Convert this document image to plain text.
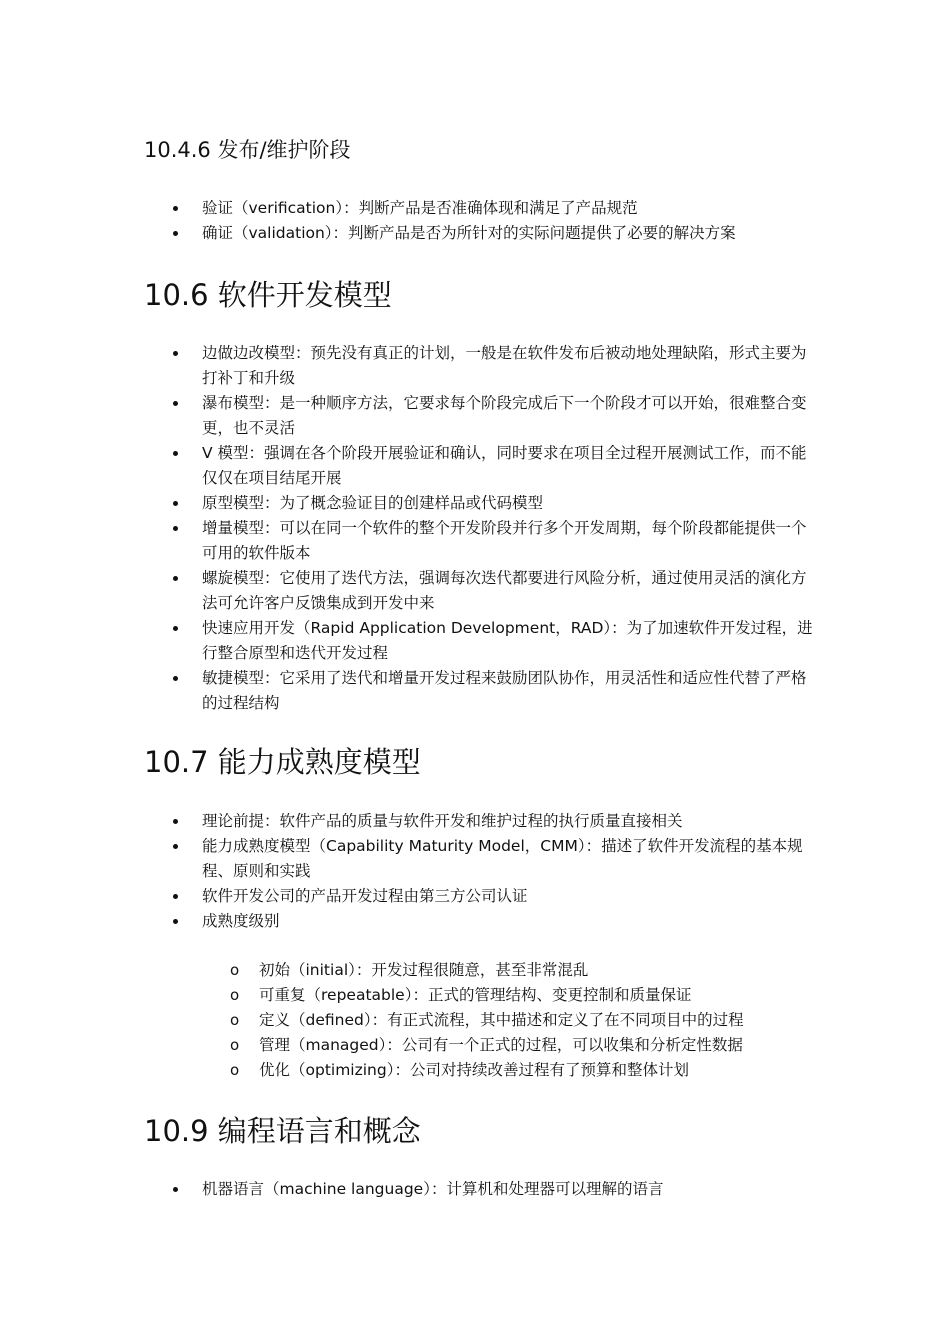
10.4.6 发布/维护阶段
验证（verification）：判断产品是否准确体现和满足了产品规范
确证（validation）：判断产品是否为所针对的实际问题提供了必要的解决方案
10.6 软件开发模型
边做边改模型：预先没有真正的计划，一般是在软件发布后被动地处理缺陷，形式主要为打补丁和升级
瀑布模型：是一种顺序方法，它要求每个阶段完成后下一个阶段才可以开始，很难整合变更，也不灵活
V 模型：强调在各个阶段开展验证和确认，同时要求在项目全过程开展测试工作，而不能仅仅在项目结尾开展
原型模型：为了概念验证目的创建样品或代码模型
增量模型：可以在同一个软件的整个开发阶段并行多个开发周期，每个阶段都能提供一个可用的软件版本
螺旋模型：它使用了迭代方法，强调每次迭代都要进行风险分析，通过使用灵活的演化方法可允许客户反馈集成到开发中来
快速应用开发（Rapid Application Development，RAD）：为了加速软件开发过程，进行整合原型和迭代开发过程
敏捷模型：它采用了迭代和增量开发过程来鼓励团队协作，用灵活性和适应性代替了严格的过程结构
10.7 能力成熟度模型
理论前提：软件产品的质量与软件开发和维护过程的执行质量直接相关
能力成熟度模型（Capability Maturity Model，CMM）：描述了软件开发流程的基本规程、原则和实践
软件开发公司的产品开发过程由第三方公司认证
成熟度级别
o 初始（initial）：开发过程很随意，甚至非常混乱
o 可重复（repeatable）：正式的管理结构、变更控制和质量保证
o 定义（defined）：有正式流程，其中描述和定义了在不同项目中的过程
o 管理（managed）：公司有一个正式的过程，可以收集和分析定性数据
o 优化（optimizing）：公司对持续改善过程有了预算和整体计划
10.9 编程语言和概念
机器语言（machine language）：计算机和处理器可以理解的语言
